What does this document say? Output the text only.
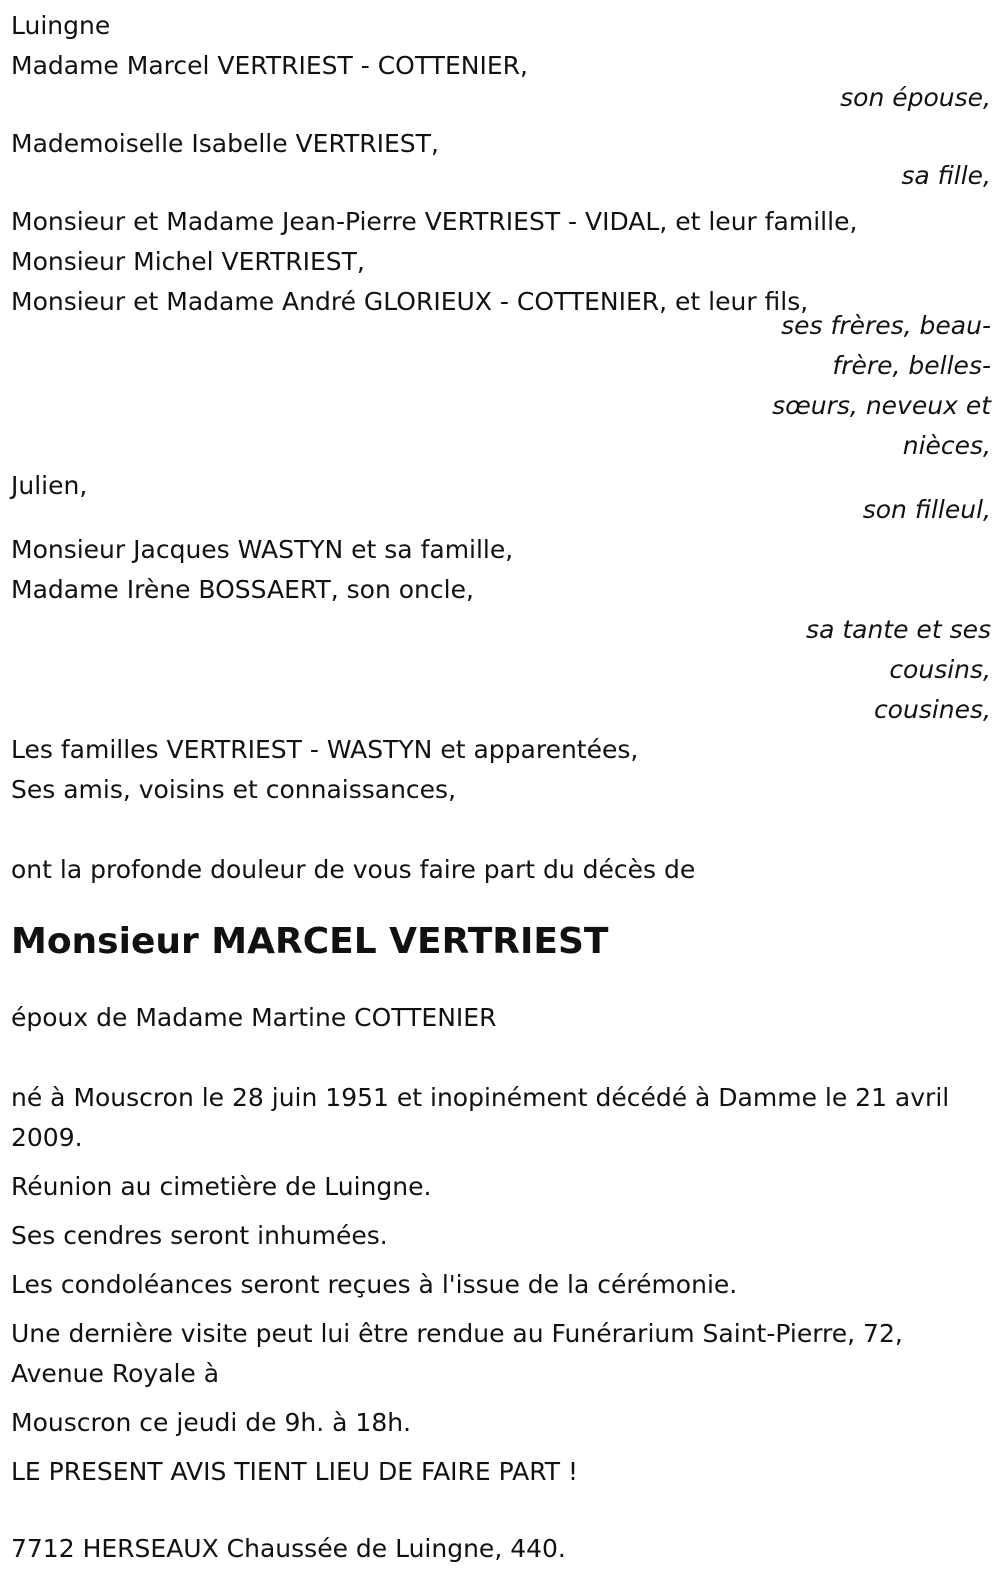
Luingne
Madame Marcel VERTRIEST - COTTENIER,
son épouse,
Mademoiselle Isabelle VERTRIEST,
sa fille,
Monsieur et Madame Jean-Pierre VERTRIEST - VIDAL, et leur famille,
Monsieur Michel VERTRIEST,
Monsieur et Madame André GLORIEUX - COTTENIER, et leur fils,
ses frères, beau-frère, belles-sœurs, neveux et nièces,
Julien,
son filleul,
Monsieur Jacques WASTYN et sa famille,
Madame Irène BOSSAERT, son oncle,
sa tante et ses cousins, cousines,
Les familles VERTRIEST - WASTYN et apparentées,
Ses amis, voisins et connaissances,
ont la profonde douleur de vous faire part du décès de
Monsieur MARCEL VERTRIEST
époux de Madame Martine COTTENIER
né à Mouscron le 28 juin 1951 et inopinément décédé à Damme le 21 avril 2009.
Réunion au cimetière de Luingne.
Ses cendres seront inhumées.
Les condoléances seront reçues à l'issue de la cérémonie.
Une dernière visite peut lui être rendue au Funérarium Saint-Pierre, 72, Avenue Royale à
Mouscron ce jeudi de 9h. à 18h.
LE PRESENT AVIS TIENT LIEU DE FAIRE PART !
7712 HERSEAUX Chaussée de Luingne, 440.
